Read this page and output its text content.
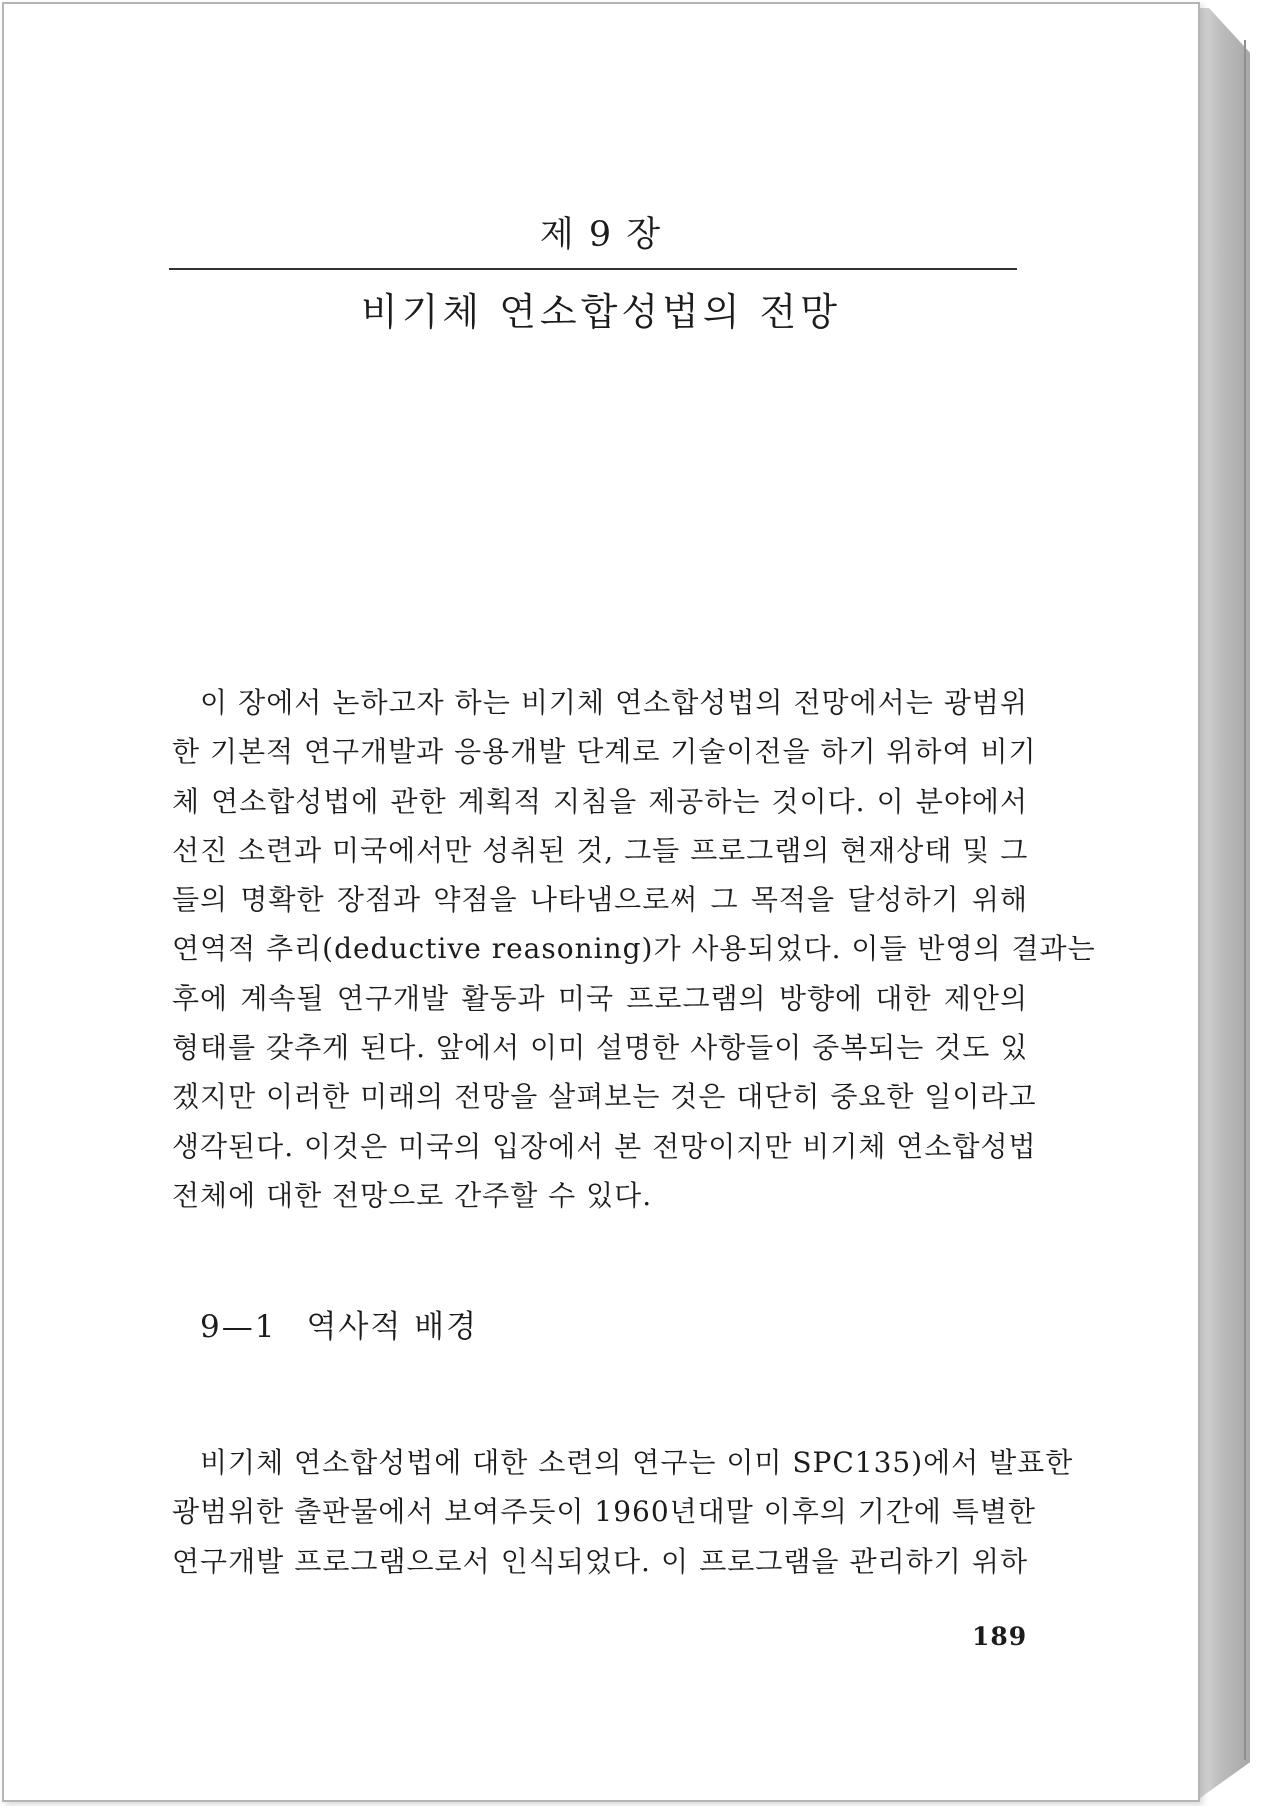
제 9 장
비기체 연소합성법의 전망
이 장에서 논하고자 하는 비기체 연소합성법의 전망에서는 광범위
한 기본적 연구개발과 응용개발 단계로 기술이전을 하기 위하여 비기
체 연소합성법에 관한 계획적 지침을 제공하는 것이다. 이 분야에서
선진 소련과 미국에서만 성취된 것, 그들 프로그램의 현재상태 및 그
들의 명확한 장점과 약점을 나타냄으로써 그 목적을 달성하기 위해
연역적 추리(deductive reasoning)가 사용되었다. 이들 반영의 결과는
후에 계속될 연구개발 활동과 미국 프로그램의 방향에 대한 제안의
형태를 갖추게 된다. 앞에서 이미 설명한 사항들이 중복되는 것도 있
겠지만 이러한 미래의 전망을 살펴보는 것은 대단히 중요한 일이라고
생각된다. 이것은 미국의 입장에서 본 전망이지만 비기체 연소합성법
전체에 대한 전망으로 간주할 수 있다.
9—1 역사적 배경
비기체 연소합성법에 대한 소련의 연구는 이미 SPC135)에서 발표한
광범위한 출판물에서 보여주듯이 1960년대말 이후의 기간에 특별한
연구개발 프로그램으로서 인식되었다. 이 프로그램을 관리하기 위하
189
